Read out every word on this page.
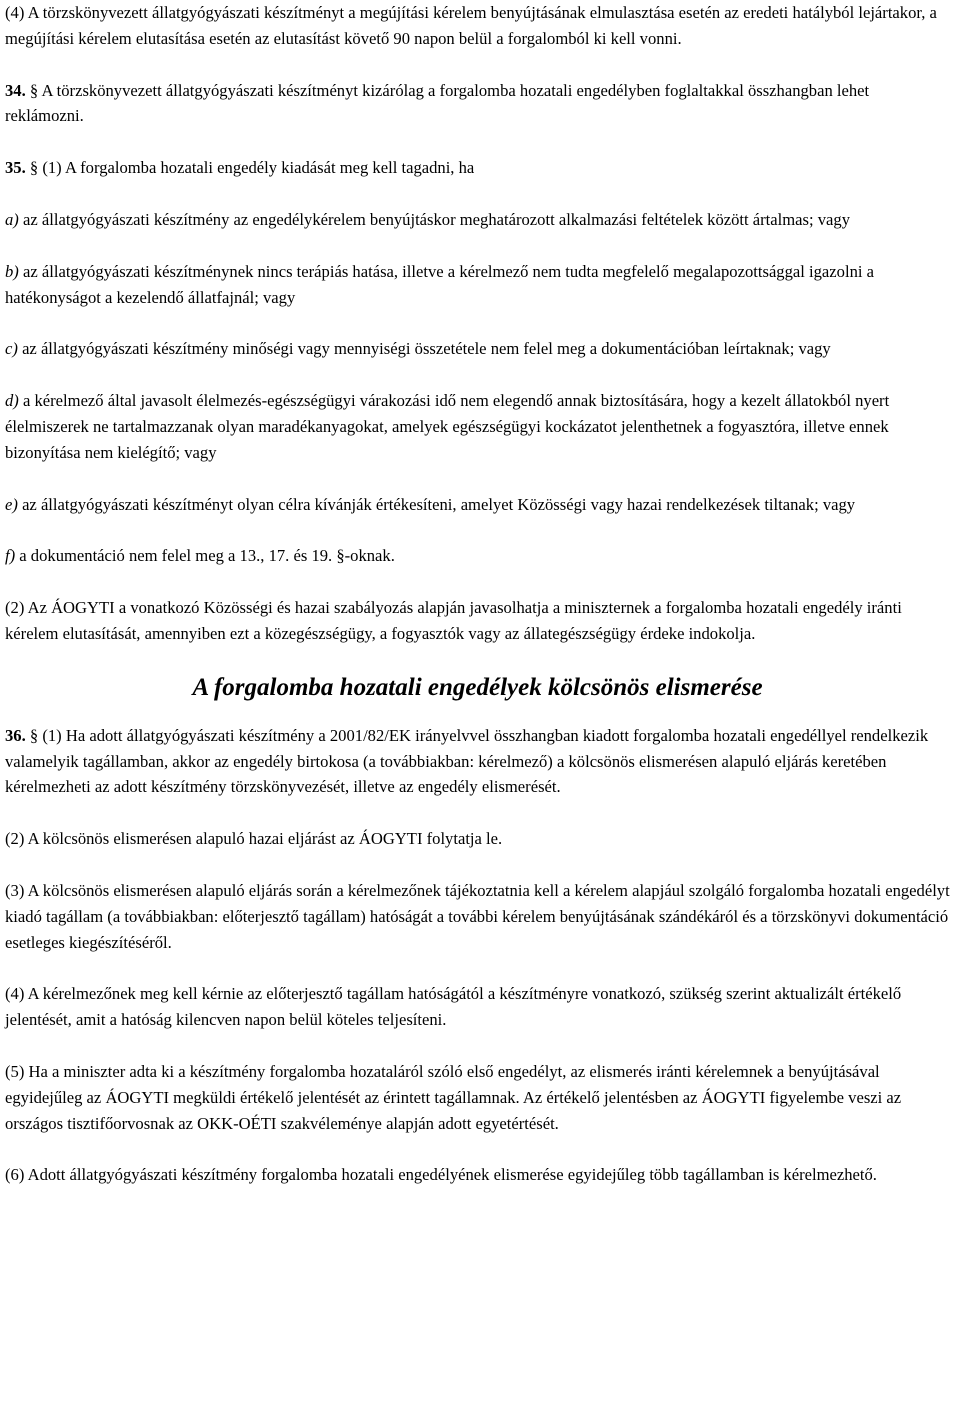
(4) A törzskönyvezett állatgyógyászati készítményt a megújítási kérelem benyújtásának elmulasztása esetén az eredeti hatályból lejártakor, a megújítási kérelem elutasítása esetén az elutasítást követő 90 napon belül a forgalomból ki kell vonni.

34. § A törzskönyvezett állatgyógyászati készítményt kizárólag a forgalomba hozatali engedélyben foglaltakkal összhangban lehet reklámozni.

35. § (1) A forgalomba hozatali engedély kiadását meg kell tagadni, ha

a) az állatgyógyászati készítmény az engedélykérelem benyújtáskor meghatározott alkalmazási feltételek között ártalmas; vagy

b) az állatgyógyászati készítménynek nincs terápiás hatása, illetve a kérelmező nem tudta megfelelő megalapozottsággal igazolni a hatékonyságot a kezelendő állatfajnál; vagy

c) az állatgyógyászati készítmény minőségi vagy mennyiségi összetétele nem felel meg a dokumentációban leírtaknak; vagy

d) a kérelmező által javasolt élelmezés-egészségügyi várakozási idő nem elegendő annak biztosítására, hogy a kezelt állatokból nyert élelmiszerek ne tartalmazzanak olyan maradékanyagokat, amelyek egészségügyi kockázatot jelenthetnek a fogyasztóra, illetve ennek bizonyítása nem kielégítő; vagy

e) az állatgyógyászati készítményt olyan célra kívánják értékesíteni, amelyet Közösségi vagy hazai rendelkezések tiltanak; vagy

f) a dokumentáció nem felel meg a 13., 17. és 19. §-oknak.

(2) Az ÁOGYTI a vonatkozó Közösségi és hazai szabályozás alapján javasolhatja a miniszternek a forgalomba hozatali engedély iránti kérelem elutasítását, amennyiben ezt a közegészségügy, a fogyasztók vagy az állategészségügy érdeke indokolja.

A forgalomba hozatali engedélyek kölcsönös elismerése

36. § (1) Ha adott állatgyógyászati készítmény a 2001/82/EK irányelvvel összhangban kiadott forgalomba hozatali engedéllyel rendelkezik valamelyik tagállamban, akkor az engedély birtokosa (a továbbiakban: kérelmező) a kölcsönös elismerésen alapuló eljárás keretében kérelmezheti az adott készítmény törzskönyvezését, illetve az engedély elismerését.

(2) A kölcsönös elismerésen alapuló hazai eljárást az ÁOGYTI folytatja le.

(3) A kölcsönös elismerésen alapuló eljárás során a kérelmezőnek tájékoztatnia kell a kérelem alapjául szolgáló forgalomba hozatali engedélyt kiadó tagállam (a továbbiakban: előterjesztő tagállam) hatóságát a további kérelem benyújtásának szándékáról és a törzskönyvi dokumentáció esetleges kiegészítéséről.

(4) A kérelmezőnek meg kell kérnie az előterjesztő tagállam hatóságától a készítményre vonatkozó, szükség szerint aktualizált értékelő jelentését, amit a hatóság kilencven napon belül köteles teljesíteni.

(5) Ha a miniszter adta ki a készítmény forgalomba hozataláról szóló első engedélyt, az elismerés iránti kérelemnek a benyújtásával egyidejűleg az ÁOGYTI megküldi értékelő jelentését az érintett tagállamnak. Az értékelő jelentésben az ÁOGYTI figyelembe veszi az országos tisztifőorvosnak az OKK-OÉTI szakvéleménye alapján adott egyetértését.

(6) Adott állatgyógyászati készítmény forgalomba hozatali engedélyének elismerése egyidejűleg több tagállamban is kérelmezhető.
